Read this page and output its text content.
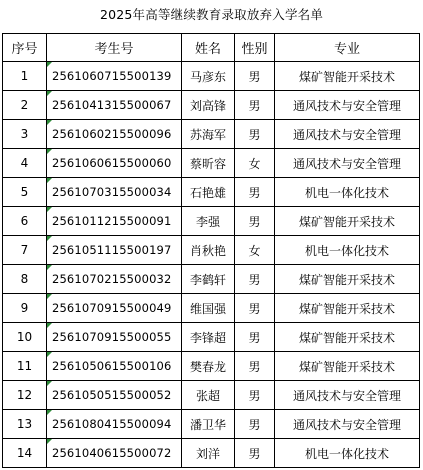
2025年高等继续教育录取放弃入学名单
序号	考生号	姓名	性别	专业
1	2561060715500139	马彦东	男	煤矿智能开采技术
2	2561041315500067	刘高锋	男	通风技术与安全管理
3	2561060215500096	苏海军	男	通风技术与安全管理
4	2561060615500060	蔡昕容	女	通风技术与安全管理
5	2561070315500034	石艳雄	男	机电一体化技术
6	2561011215500091	李强	男	煤矿智能开采技术
7	2561051115500197	肖秋艳	女	机电一体化技术
8	2561070215500032	李鹤轩	男	煤矿智能开采技术
9	2561070915500049	维国强	男	煤矿智能开采技术
10	2561070915500055	李锋超	男	煤矿智能开采技术
11	2561050615500106	樊春龙	男	煤矿智能开采技术
12	2561050515500052	张超	男	通风技术与安全管理
13	2561080415500094	潘卫华	男	通风技术与安全管理
14	2561040615500072	刘洋	男	机电一体化技术
